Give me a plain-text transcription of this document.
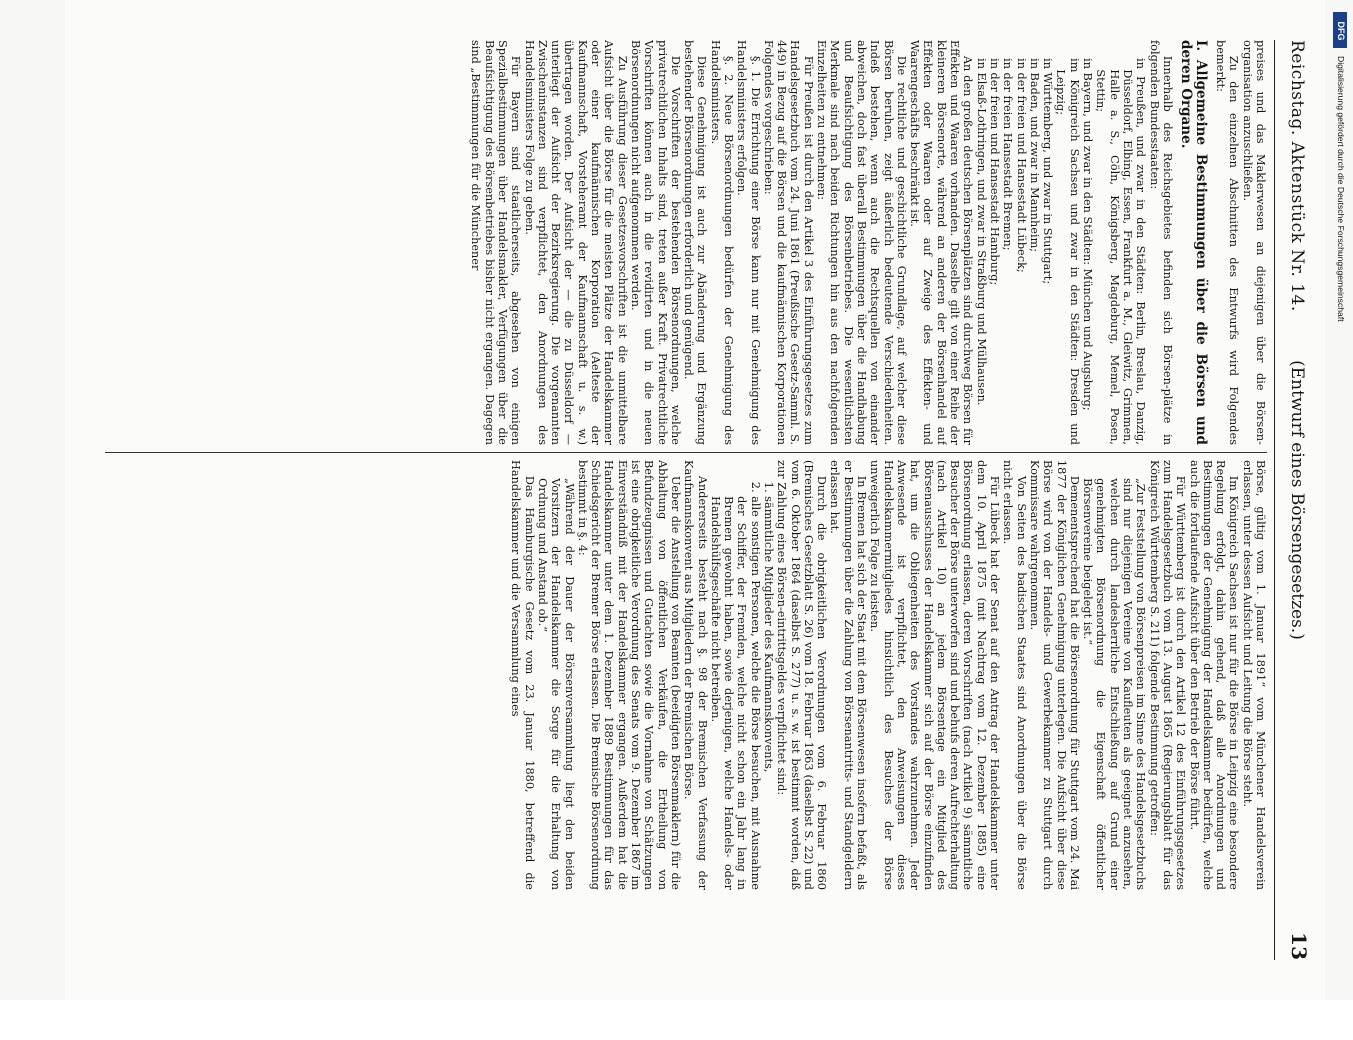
Reichstag. Aktenstück Nr. 14.
(Entwurf eines Börsengesetzes.)
13

preises und das Maklerwesen an diejenigen über die Börsen-organisation anzuschließen.

Zu den einzelnen Abschnitten des Entwurfs wird Folgendes bemerkt:

I. Allgemeine Bestimmungen über die Börsen und deren Organe.

Innerhalb des Reichsgebietes befinden sich Börsen-plätze in folgenden Bundesstaaten:

in Preußen, und zwar in den Städten: Berlin, Breslau, Danzig, Düsseldorf, Elbing, Essen, Frankfurt a. M., Gleiwitz, Grimmen, Halle a. S., Cöln, Königsberg, Magdeburg, Memel, Posen, Stettin;
in Bayern, und zwar in den Städten: München und Augsburg;
im Königreich Sachsen und zwar in den Städten: Dresden und Leipzig;
in Württemberg, und zwar in Stuttgart;
in Baden, und zwar in Mannheim;
in der freien und Hansestadt Lübeck;
in der freien Hansestadt Bremen;
in der freien und Hansestadt Hamburg;
in Elsaß-Lothringen, und zwar in Straßburg und Mülhausen.

An den großen deutschen Börsenplätzen sind durchweg Börsen für Effekten und Waaren vorhanden. Dasselbe gilt von einer Reihe der kleineren Börsenorte, während an anderen der Börsenhandel auf Effekten oder Waaren oder auf Zweige des Effekten- und Waarengeschäfts beschränkt ist.

Die rechtliche und geschichtliche Grundlage, auf welcher diese Börsen beruhen, zeigt äußerlich bedeutende Verschiedenheiten. Indeß bestehen, wenn auch die Rechtsquellen von einander abweichen, doch fast überall Bestimmungen über die Handhabung und Beaufsichtigung des Börsenbetriebes. Die wesentlichsten Merkmale sind nach beiden Richtungen hin aus den nachfolgenden Einzelheiten zu entnehmen:

Für Preußen ist durch den Artikel 3 des Einführungsgesetzes zum Handelsgesetzbuch vom 24. Juni 1861 (Preußische Gesetz-Samml. S. 449) in Bezug auf die Börsen und die kaufmännischen Korporationen Folgendes vorgeschrieben:

§. 1. Die Errichtung einer Börse kann nur mit Genehmigung des Handelsministers erfolgen.

§. 2. Neue Börsenordnungen bedürfen der Genehmigung des Handelsministers.

Diese Genehmigung ist auch zur Abänderung und Ergänzung bestehender Börsenordnungen erforderlich und genügend.

Die Vorschriften der bestehenden Börsenordnungen, welche privatrechtlichen Inhalts sind, treten außer Kraft. Privatrechtliche Vorschriften können auch in die revidirten und in die neuen Börsenordnungen nicht aufgenommen werden.

Zu Ausführung dieser Gesetzesvorschriften ist die unmittelbare Aufsicht über die Börse für die meisten Plätze der Handelskammer oder einer kaufmännischen Korporation (Aelteste der Kaufmannschaft, Vorsteheramt der Kaufmannschaft u. s. w.) übertragen worden. Der Aufsicht der — die zu Düsseldorf — unterliegt der Aufsicht der Bezirksregierung. Die vorgenannten Zwischeninstanzen sind verpflichtet, den Anordnungen des Handelsministers Folge zu geben.

Für Bayern sind staatlicherseits, abgesehen von einigen Spezialbestimmungen über Handelsmakler, Verfügungen über die Beaufsichtigung des Börsenbetriebes bisher nicht ergangen. Dagegen sind „Bestimmungen für die Münchener

Börse, gültig vom 1. Januar 1891“ vom Münchener Handelsverein erlassen, unter dessen Aufsicht und Leitung die Börse steht.

Im Königreich Sachsen ist nur für die Börse in Leipzig eine besondere Regelung erfolgt, dahin gehend, daß alle Anordnungen und Bestimmungen der Genehmigung der Handelskammer bedürfen, welche auch die fortlaufende Aufsicht über den Betrieb der Börse führt.

Für Württemberg ist durch den Artikel 12 des Einführungsgesetzes zum Handelsgesetzbuch vom 13. August 1865 (Regierungsblatt für das Königreich Württemberg S. 211) folgende Bestimmung getroffen:

„Zur Feststellung von Börsenpreisen im Sinne des Handelsgesetzbuchs sind nur diejenigen Vereine von Kaufleuten als geeignet anzusehen, welchen durch landesherrliche Entschließung auf Grund einer genehmigten Börsenordnung die Eigenschaft öffentlicher Börsenvereine beigelegt ist.“

Demenentsprechend hat die Börsenordnung für Stuttgart vom 24. Mai 1877 der Königlichen Genehmigung unterlegen. Die Aufsicht über diese Börse wird von der Handels- und Gewerbekammer zu Stuttgart durch Kommissare wahrgenommen.

Von Seiten des badischen Staates sind Anordnungen über die Börse nicht erlassen.

Für Lübeck hat der Senat auf den Antrag der Handelskammer unter dem 10. April 1875 (mit Nachtrag vom 12. Dezember 1885) eine Börsenordnung erlassen, deren Vorschriften (nach Artikel 9) sämmtliche Besucher der Börse unterworfen sind und behufs deren Aufrechterhaltung (nach Artikel 10) an jedem Börsentage ein Mitglied des Börsenausschusses der Handelskammer sich auf der Börse einzufinden hat, um die Obliegenheiten des Vorstandes wahrzunehmen. Jeder Anwesende ist verpflichtet, den Anweisungen dieses Handelskammermitgliedes hinsichtlich des Besuches der Börse unweigerlich Folge zu leisten.

In Bremen hat sich der Staat mit dem Börsenwesen insofern befaßt, als er Bestimmungen über die Zahlung von Börsenantritts- und Standgeldern erlassen hat.

Durch die obrigkeitlichen Verordnungen vom 6. Februar 1860 (Bremisches Gesetzblatt S. 26) vom 18. Februar 1863 (daselbst S. 22) und vom 6. Oktober 1864 (daselbst S. 277) u. s. w. ist bestimmt worden, daß zur Zahlung eines Börsen-eintrittsgeldes verpflichtet sind:

1. sämmtliche Mitglieder des Kaufmannskonvents,
2. alle sonstigen Personen, welche die Börse besuchen, mit Ausnahme der Schiffer, der Fremden, welche nicht schon ein Jahr lang in Bremen gewohnt haben, sowie derjenigen, welche Handels- oder Handelshülfsgeschäfte nicht betreiben.

Andererseits besteht nach §. 98 der Bremischen Verfassung der Kaufmannskonvent aus Mitgliedern der Bremischen Börse.

Ueber die Anstellung von Beamten (beeidigten Börsenmaklern) für die Abhaltung von öffentlichen Verkäufen, die Ertheilung von Befundzeugnissen und Gutachten sowie die Vornahme von Schätzungen ist eine obrigkeitliche Verordnung des Senats vom 9. Dezember 1867 im Einverständniß mit der Handelskammer ergangen. Außerdem hat die Handelskammer unter dem 1. Dezember 1889 Bestimmungen für das Schiedsgericht der Bremer Börse erlassen. Die Bremische Börsenordnung bestimmt in §. 4:

„Während der Dauer der Börsenversammlung liegt den beiden Vorsitzern der Handelskammer die Sorge für die Erhaltung von Ordnung und Anstand ob.“

Das Hamburgische Gesetz vom 23. Januar 1880, betreffend die Handelskammer und die Versammlung eines

DFG
Digitalisierung gefördert durch die Deutsche Forschungsgemeinschaft
